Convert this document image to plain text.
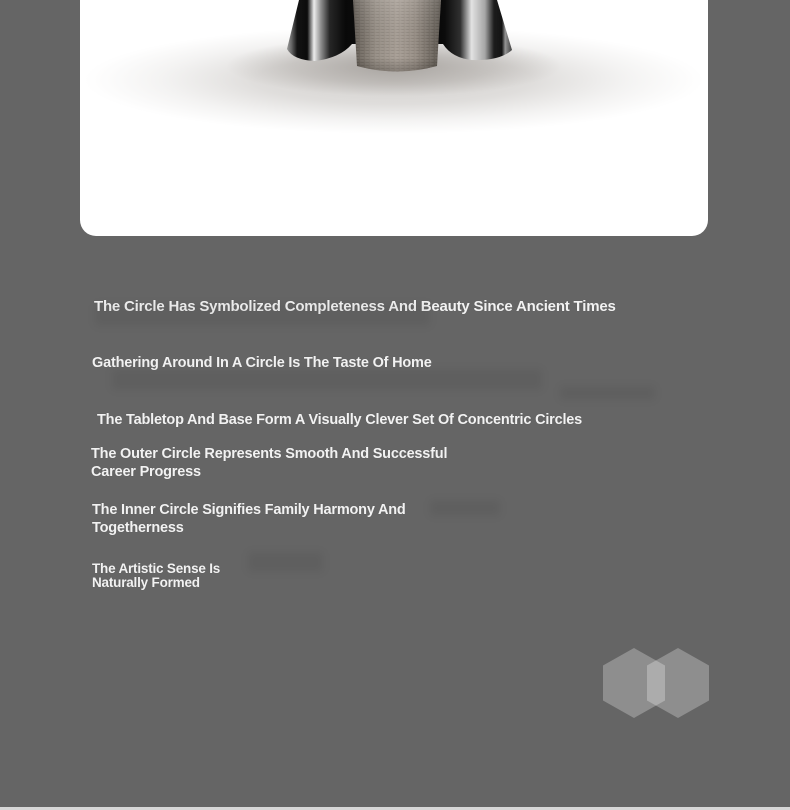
The Circle Has Symbolized Completeness And Beauty Since Ancient Times

Gathering Around In A Circle Is The Taste Of Home

The Tabletop And Base Form A Visually Clever Set Of Concentric Circles

The Outer Circle Represents Smooth And Successful
Career Progress
The Inner Circle Signifies Family Harmony And
Togetherness
The Artistic Sense Is
Naturally Formed
